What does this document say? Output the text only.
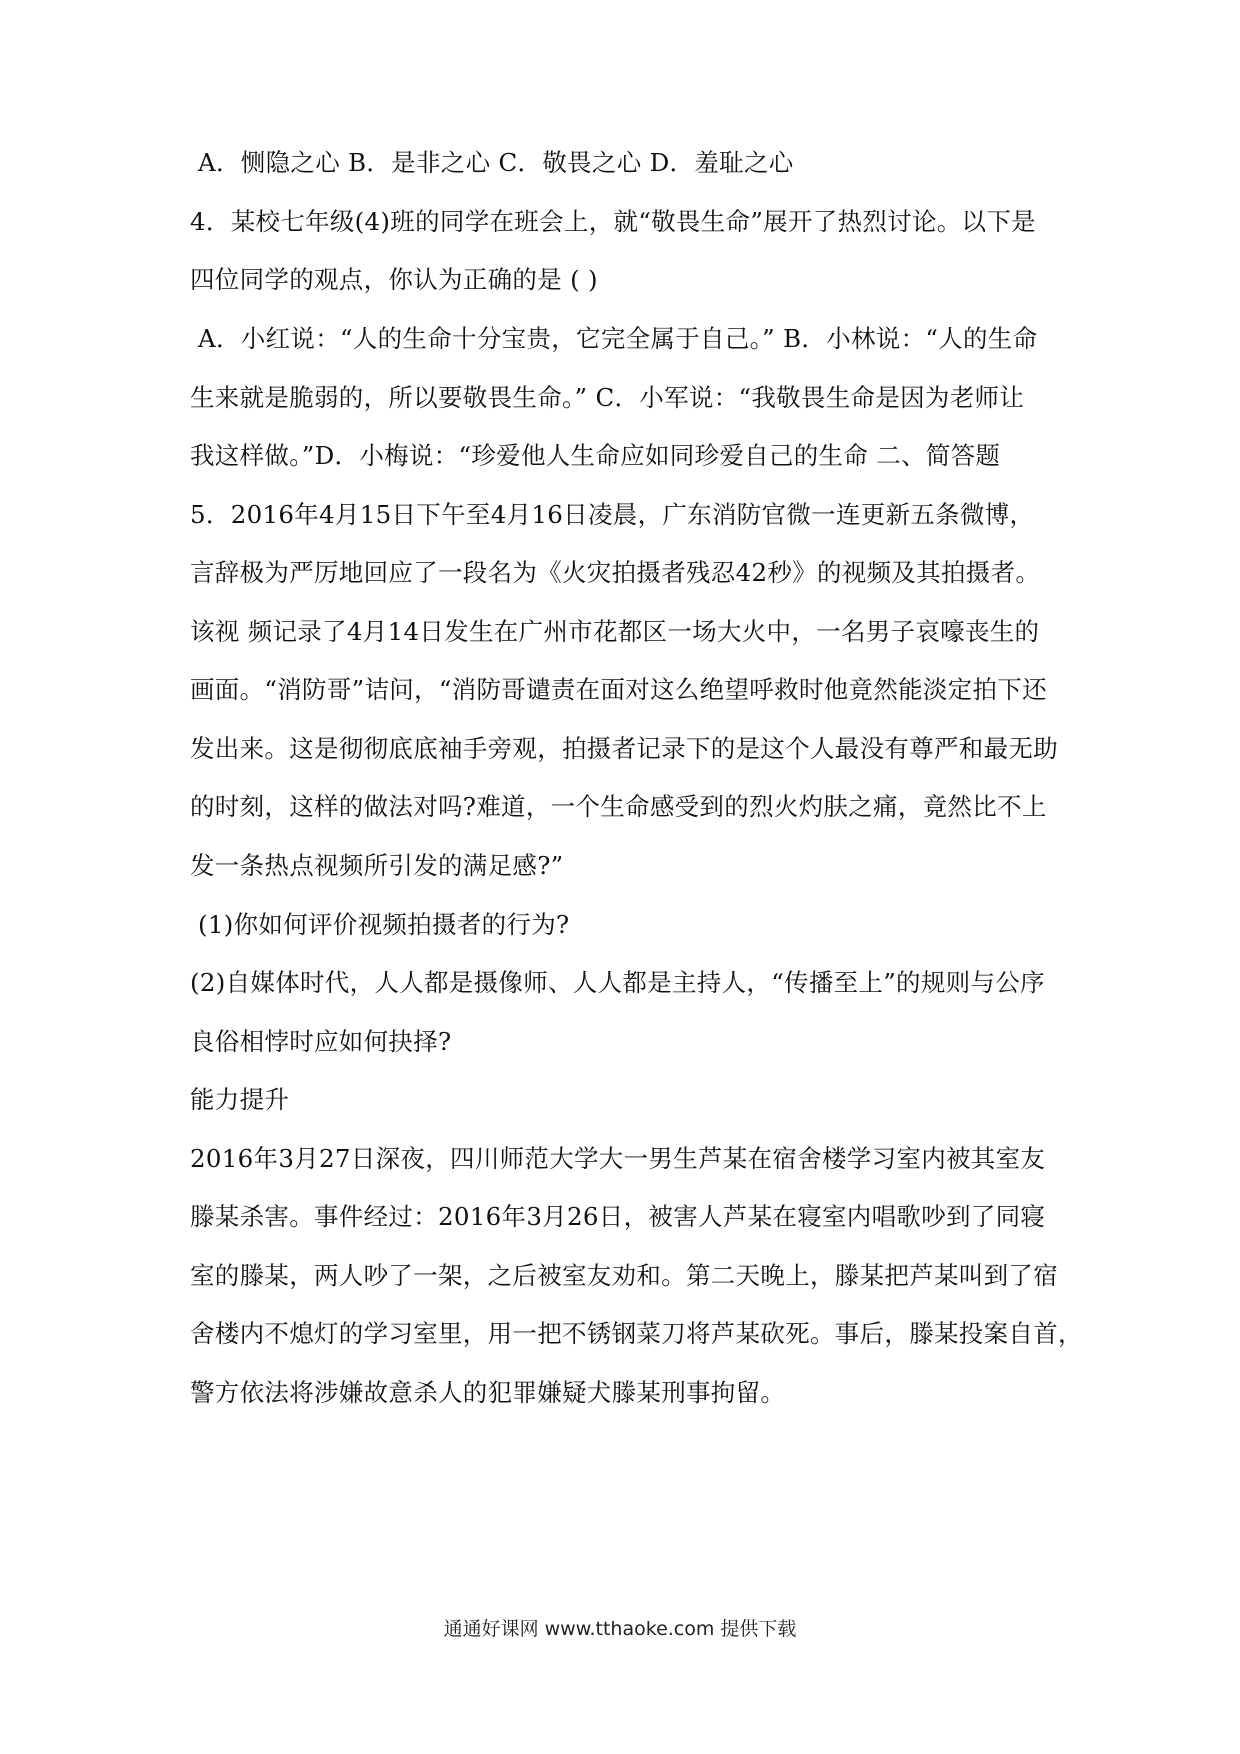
A．恻隐之心 B．是非之心 C．敬畏之心 D．羞耻之心
4．某校七年级(4)班的同学在班会上，就“敬畏生命”展开了热烈讨论。以下是
四位同学的观点，你认为正确的是 ( )
A．小红说：“人的生命十分宝贵，它完全属于自己。” B．小林说：“人的生命
生来就是脆弱的，所以要敬畏生命。” C．小军说：“我敬畏生命是因为老师让
我这样做。”D．小梅说：“珍爱他人生命应如同珍爱自己的生命 二、简答题
5．2016年4月15日下午至4月16日凌晨，广东消防官微一连更新五条微博，
言辞极为严厉地回应了一段名为《火灾拍摄者残忍42秒》的视频及其拍摄者。
该视 频记录了4月14日发生在广州市花都区一场大火中，一名男子哀嚎丧生的
画面。“消防哥”诘问，“消防哥谴责在面对这么绝望呼救时他竟然能淡定拍下还
发出来。这是彻彻底底袖手旁观，拍摄者记录下的是这个人最没有尊严和最无助
的时刻，这样的做法对吗?难道，一个生命感受到的烈火灼肤之痛，竟然比不上
发一条热点视频所引发的满足感?”
(1)你如何评价视频拍摄者的行为?
(2)自媒体时代，人人都是摄像师、人人都是主持人，“传播至上”的规则与公序
良俗相悖时应如何抉择?
能力提升
2016年3月27日深夜，四川师范大学大一男生芦某在宿舍楼学习室内被其室友
滕某杀害。事件经过：2016年3月26日，被害人芦某在寝室内唱歌吵到了同寝
室的滕某，两人吵了一架，之后被室友劝和。第二天晚上，滕某把芦某叫到了宿
舍楼内不熄灯的学习室里，用一把不锈钢菜刀将芦某砍死。事后，滕某投案自首，
警方依法将涉嫌故意杀人的犯罪嫌疑犬滕某刑事拘留。
通通好课网 www.tthaoke.com 提供下载
